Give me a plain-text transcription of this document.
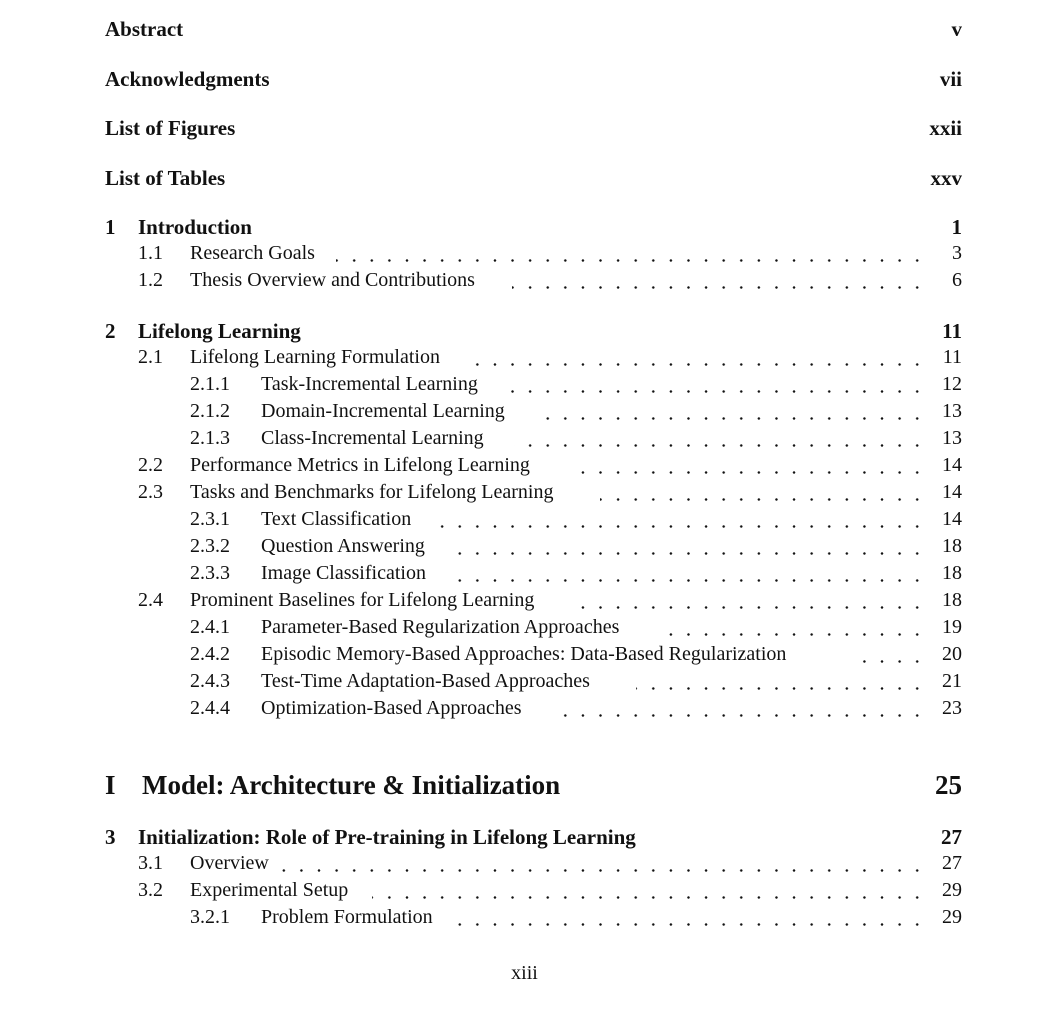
Abstract	v
Acknowledgments	vii
List of Figures	xxii
List of Tables	xxv
1 Introduction	1
1.1 Research Goals	3
1.2 Thesis Overview and Contributions	6
2 Lifelong Learning	11
2.1 Lifelong Learning Formulation	11
2.1.1 Task-Incremental Learning	12
2.1.2 Domain-Incremental Learning	13
2.1.3 Class-Incremental Learning	13
2.2 Performance Metrics in Lifelong Learning	14
2.3 Tasks and Benchmarks for Lifelong Learning	14
2.3.1 Text Classification	14
2.3.2 Question Answering	18
2.3.3 Image Classification	18
2.4 Prominent Baselines for Lifelong Learning	18
2.4.1 Parameter-Based Regularization Approaches	19
2.4.2 Episodic Memory-Based Approaches: Data-Based Regularization	20
2.4.3 Test-Time Adaptation-Based Approaches	21
2.4.4 Optimization-Based Approaches	23
I Model: Architecture & Initialization	25
3 Initialization: Role of Pre-training in Lifelong Learning	27
3.1 Overview	27
3.2 Experimental Setup	29
3.2.1 Problem Formulation	29
xiii
